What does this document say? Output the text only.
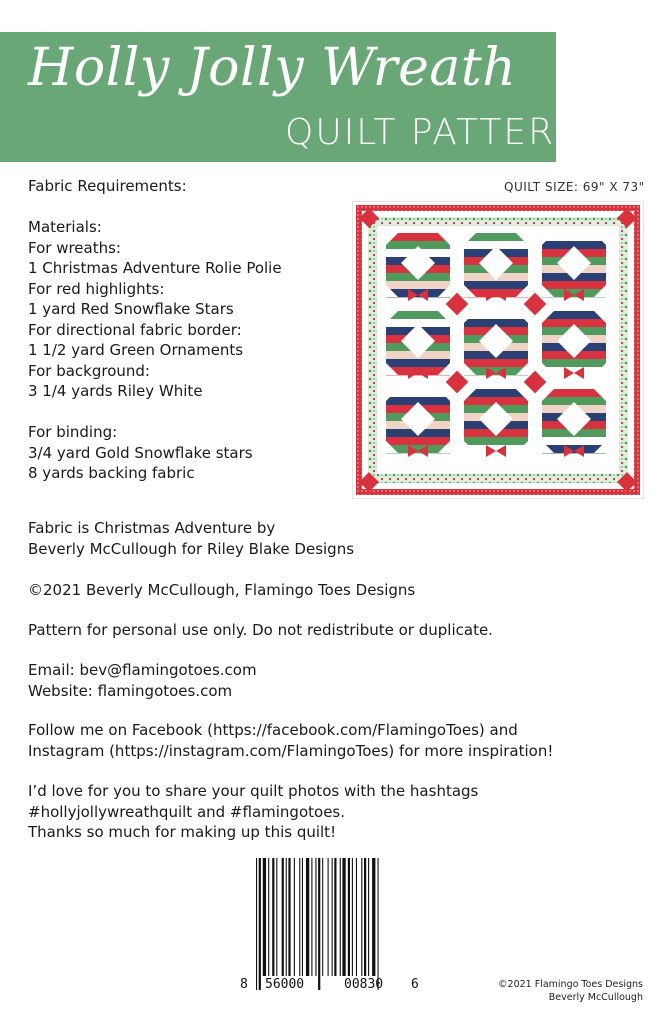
Holly Jolly Wreath
QUILT PATTERN
Fabric Requirements:
Materials:
For wreaths:
1 Christmas Adventure Rolie Polie
For red highlights:
1 yard Red Snowflake Stars
For directional fabric border:
1 1/2 yard Green Ornaments
For background:
3 1/4 yards Riley White
For binding:
3/4 yard Gold Snowflake stars
8 yards backing fabric
Fabric is Christmas Adventure by
Beverly McCullough for Riley Blake Designs
©2021 Beverly McCullough, Flamingo Toes Designs
Pattern for personal use only. Do not redistribute or duplicate.
Email: bev@flamingotoes.com
Website: flamingotoes.com
Follow me on Facebook (https://facebook.com/FlamingoToes) and
Instagram (https://instagram.com/FlamingoToes) for more inspiration!
I’d love for you to share your quilt photos with the hashtags
#hollyjollywreathquilt and #flamingotoes.
Thanks so much for making up this quilt!
QUILT SIZE: 69" X 73"
8 56000	00830 6	©2021 Flamingo Toes Designs
Beverly McCullough
